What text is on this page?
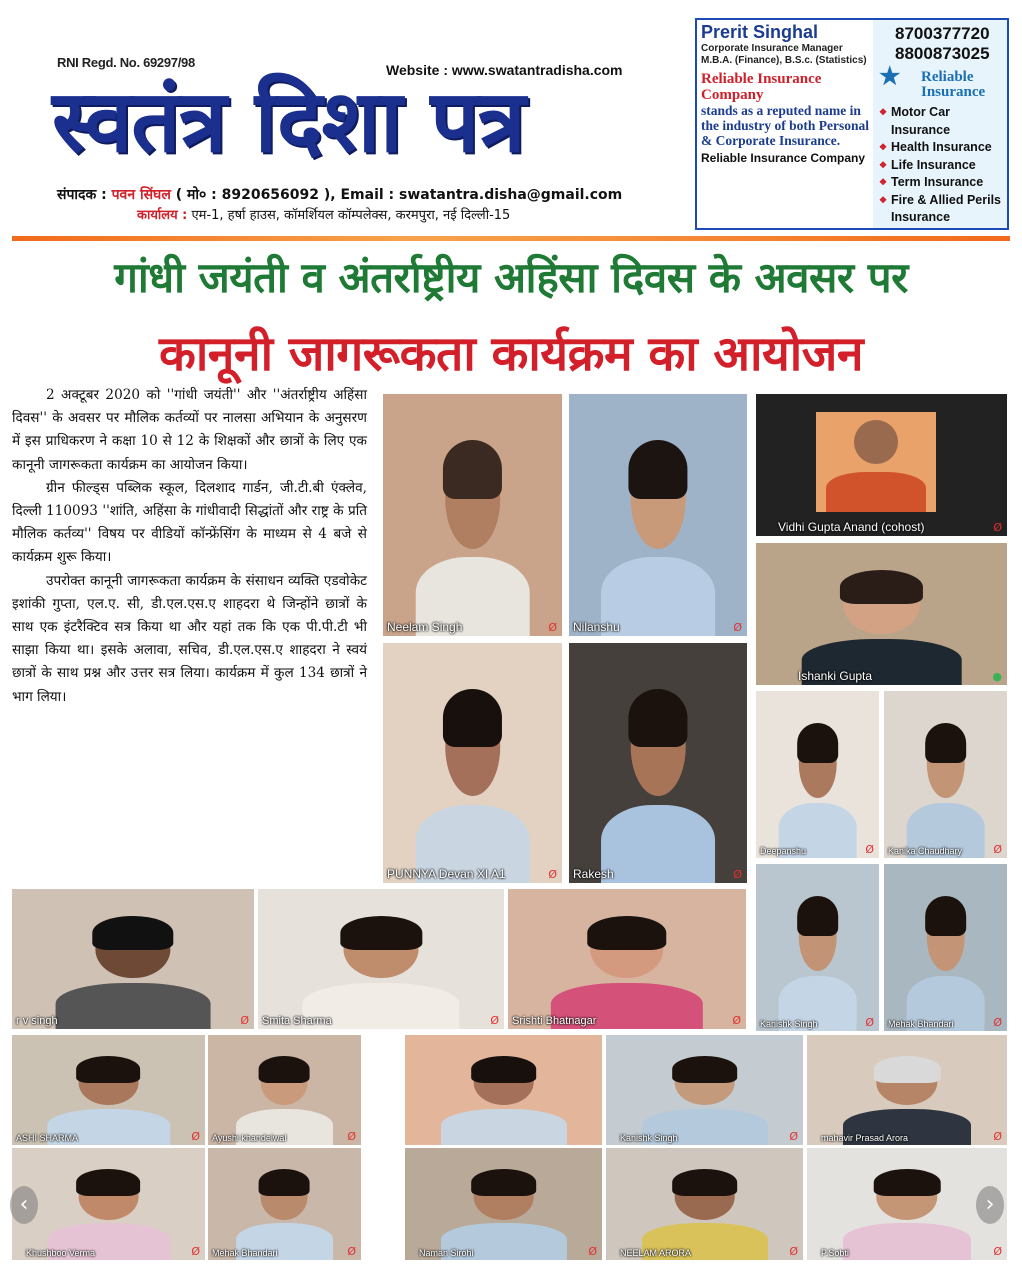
RNI Regd. No. 69297/98	Website : www.swatantradisha.com
स्वतंत्र दिशा पत्र
संपादक : पवन सिंघल ( मो० : 8920656092 ), Email : swatantra.disha@gmail.com
कार्यालय : एम-1, हर्षा हाउस, कॉमर्शियल कॉम्पलेक्स, करमपुरा, नई दिल्ली-15
Prerit Singhal
Corporate Insurance Manager
M.B.A. (Finance), B.S.c. (Statistics)
Reliable Insurance Company
stands as a reputed name in the industry of both Personal & Corporate Insurance.
Reliable Insurance Company
8700377720
8800873025
★ Reliable Insurance
❖ Motor Car Insurance
❖ Health Insurance
❖ Life Insurance
❖ Term Insurance
❖ Fire & Allied Perils Insurance
गांधी जयंती व अंतर्राष्ट्रीय अहिंसा दिवस के अवसर पर
कानूनी जागरूकता कार्यक्रम का आयोजन

2 अक्टूबर 2020 को ''गांधी जयंती'' और ''अंतर्राष्ट्रीय अहिंसा दिवस'' के अवसर पर मौलिक कर्तव्यों पर नालसा अभियान के अनुसरण में इस प्राधिकरण ने कक्षा 10 से 12 के शिक्षकों और छात्रों के लिए एक कानूनी जागरूकता कार्यक्रम का आयोजन किया।

ग्रीन फील्ड्स पब्लिक स्कूल, दिलशाद गार्डन, जी.टी.बी एंक्लेव, दिल्ली 110093 ''शांति, अहिंसा के गांधीवादी सिद्धांतों और राष्ट्र के प्रति मौलिक कर्तव्य'' विषय पर वीडियों कॉन्फ्रेंसिंग के माध्यम से 4 बजे से कार्यक्रम शुरू किया।

उपरोक्त कानूनी जागरूकता कार्यक्रम के संसाधन व्यक्ति एडवोकेट इशांकी गुप्ता, एल.ए. सी, डी.एल.एस.ए शाहदरा थे जिन्होंने छात्रों के साथ एक इंटरैक्टिव सत्र किया था और यहां तक कि एक पी.पी.टी भी साझा किया था। इसके अलावा, सचिव, डी.एल.एस.ए शाहदरा ने स्वयं छात्रों के साथ प्रश्न और उत्तर सत्र लिया। कार्यक्रम में कुल 134 छात्रों ने भाग लिया।

Neelam Singh	Ø Nilanshu	Ø
Vidhi Gupta Anand (cohost)	Ø
Ishanki Gupta	●
PUNNYA Devan XI A1	Ø Rakesh	Ø
Deepanshu	Ø Kanika Chaudhary	Ø
r v singh	Ø Smita Sharma	Ø Srishti Bhatnagar	Ø Kanishk Singh	Ø Mehak Bhandari	Ø
ASHI SHARMA	Ø Ayushi khandelwal	Ø	Kanishk Singh	Ø	mahavir Prasad Arora	Ø
Khushboo Verma	Ø Mehak Bhandari	Ø	Naman Sirohi	Ø	NEELAM ARORA	Ø	P.Sobti	Ø
‹	›
